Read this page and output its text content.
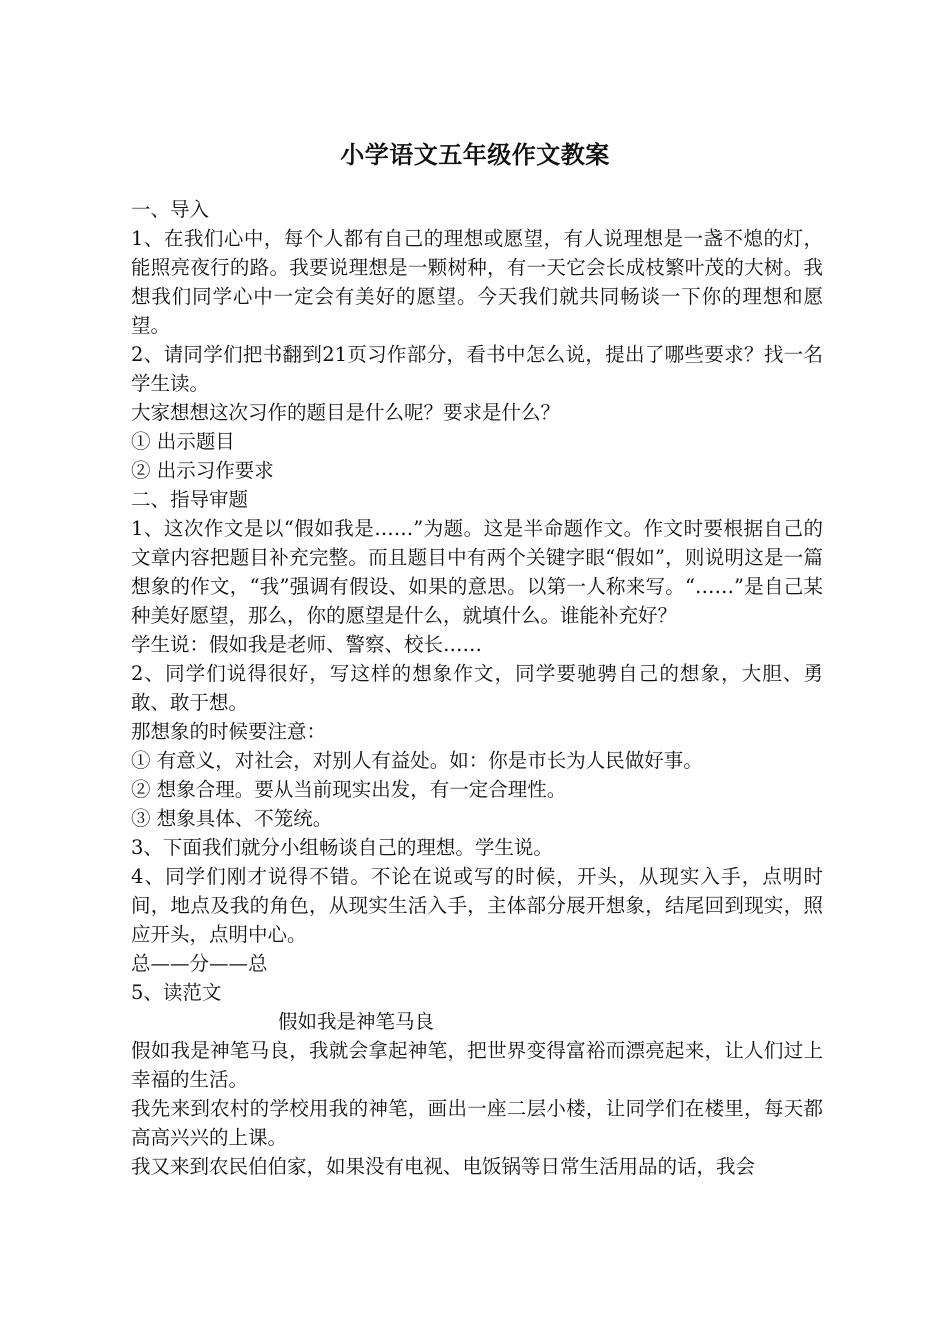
小学语文五年级作文教案

一、导入

1、在我们心中，每个人都有自己的理想或愿望，有人说理想是一盏不熄的灯，能照亮夜行的路。我要说理想是一颗树种，有一天它会长成枝繁叶茂的大树。我想我们同学心中一定会有美好的愿望。今天我们就共同畅谈一下你的理想和愿望。

2、请同学们把书翻到21页习作部分，看书中怎么说，提出了哪些要求？找一名学生读。

大家想想这次习作的题目是什么呢？要求是什么？

① 出示题目

② 出示习作要求

二、指导审题

1、这次作文是以“假如我是……”为题。这是半命题作文。作文时要根据自己的文章内容把题目补充完整。而且题目中有两个关键字眼“假如”，则说明这是一篇想象的作文，“我”强调有假设、如果的意思。以第一人称来写。“……”是自己某种美好愿望，那么，你的愿望是什么，就填什么。谁能补充好？

学生说：假如我是老师、警察、校长……

2、同学们说得很好，写这样的想象作文，同学要驰骋自己的想象，大胆、勇敢、敢于想。

那想象的时候要注意：

① 有意义，对社会，对别人有益处。如：你是市长为人民做好事。

② 想象合理。要从当前现实出发，有一定合理性。

③ 想象具体、不笼统。

3、下面我们就分小组畅谈自己的理想。学生说。

4、同学们刚才说得不错。不论在说或写的时候，开头，从现实入手，点明时间，地点及我的角色，从现实生活入手，主体部分展开想象，结尾回到现实，照应开头，点明中心。

总——分——总

5、读范文

假如我是神笔马良

假如我是神笔马良，我就会拿起神笔，把世界变得富裕而漂亮起来，让人们过上幸福的生活。

我先来到农村的学校用我的神笔，画出一座二层小楼，让同学们在楼里，每天都高高兴兴的上课。

我又来到农民伯伯家，如果没有电视、电饭锅等日常生活用品的话，我会
